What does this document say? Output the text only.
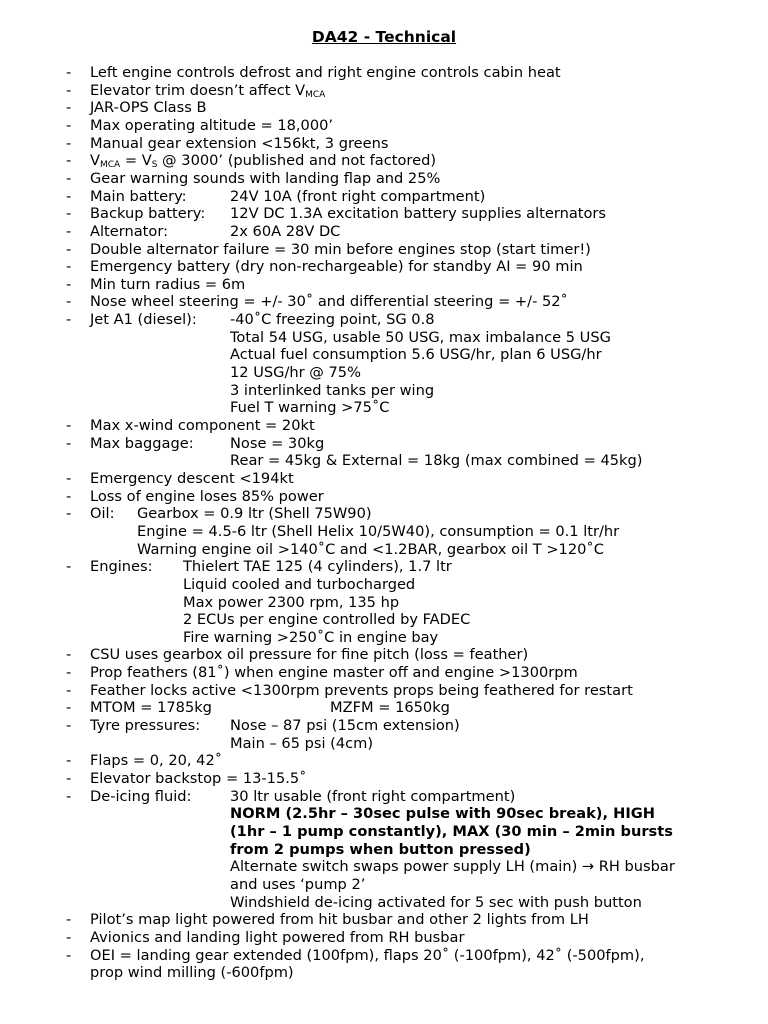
DA42 - Technical
- Left engine controls defrost and right engine controls cabin heat
- Elevator trim doesn’t affect $V_{MCA}$
- JAR-OPS Class B
- Max operating altitude = 18,000’
- Manual gear extension <156kt, 3 greens
- $V_{MCA} = V_S$ @ 3000’ (published and not factored)
- Gear warning sounds with landing flap and 25%
- Main battery:	24V 10A (front right compartment)
- Backup battery: 12V DC 1.3A excitation battery supplies alternators
- Alternator:	2x 60A 28V DC
- Double alternator failure = 30 min before engines stop (start timer!)
- Emergency battery (dry non-rechargeable) for standby AI = 90 min
- Min turn radius = 6m
- Nose wheel steering = +/- 30˚ and differential steering = +/- 52˚
- Jet A1 (diesel): -40˚C freezing point, SG 0.8
Total 54 USG, usable 50 USG, max imbalance 5 USG
Actual fuel consumption 5.6 USG/hr, plan 6 USG/hr
12 USG/hr @ 75%
3 interlinked tanks per wing
Fuel T warning >75˚C
- Max x-wind component = 20kt
- Max baggage: Nose = 30kg
Rear = 45kg & External = 18kg (max combined = 45kg)
- Emergency descent <194kt
- Loss of engine loses 85% power
- Oil: Gearbox = 0.9 ltr (Shell 75W90)
Engine = 4.5-6 ltr (Shell Helix 10/5W40), consumption = 0.1 ltr/hr
Warning engine oil >140˚C and <1.2BAR, gearbox oil T >120˚C
- Engines: Thielert TAE 125 (4 cylinders), 1.7 ltr
Liquid cooled and turbocharged
Max power 2300 rpm, 135 hp
2 ECUs per engine controlled by FADEC
Fire warning >250˚C in engine bay
- CSU uses gearbox oil pressure for fine pitch (loss = feather)
- Prop feathers (81˚) when engine master off and engine >1300rpm
- Feather locks active <1300rpm prevents props being feathered for restart
- MTOM = 1785kg	MZFM = 1650kg
- Tyre pressures: Nose – 87 psi (15cm extension)
Main – 65 psi (4cm)
- Flaps = 0, 20, 42˚
- Elevator backstop = 13-15.5˚
- De-icing fluid:	30 ltr usable (front right compartment)
NORM (2.5hr – 30sec pulse with 90sec break), HIGH
(1hr – 1 pump constantly), MAX (30 min – 2min bursts
from 2 pumps when button pressed)
Alternate switch swaps power supply LH (main) → RH busbar
and uses ‘pump 2’
Windshield de-icing activated for 5 sec with push button
- Pilot’s map light powered from hit busbar and other 2 lights from LH
- Avionics and landing light powered from RH busbar
- OEI = landing gear extended (100fpm), flaps 20˚ (-100fpm), 42˚ (-500fpm),
prop wind milling (-600fpm)
